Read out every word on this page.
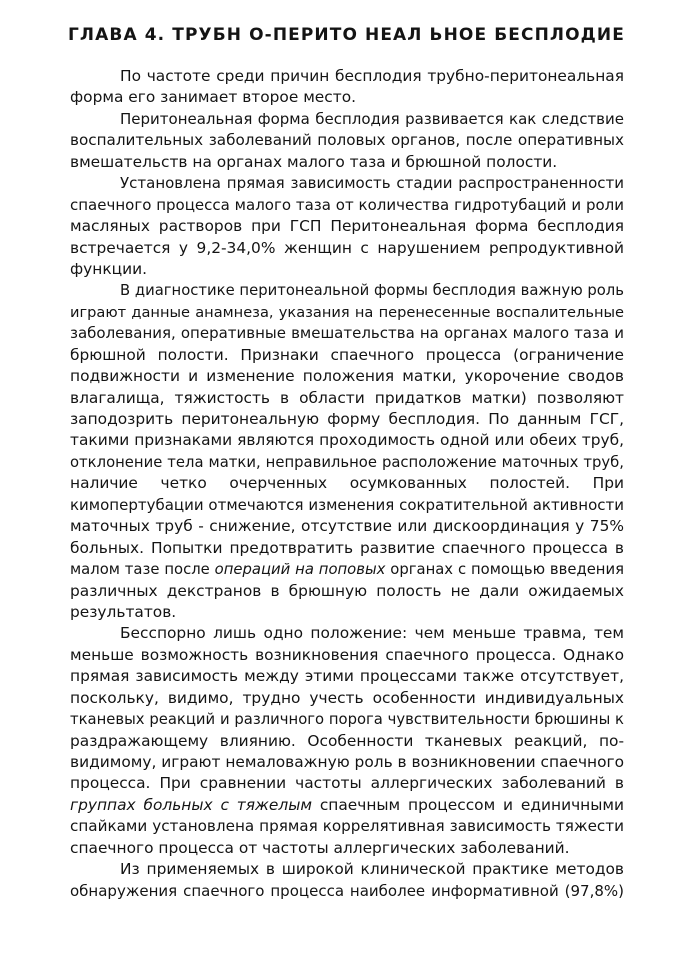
ГЛАВА 4. ТРУБН О-ПЕРИТО НЕАЛ ЬНОЕ БЕСПЛОДИЕ
По частоте среди причин бесплодия трубно-перитонеальная
форма его занимает второе место.
Перитонеальная форма бесплодия развивается как следствие
воспалительных заболеваний половых органов, после оперативных
вмешательств на органах малого таза и брюшной полости.
Установлена прямая зависимость стадии распространенности
спаечного процесса малого таза от количества гидротубаций и роли
масляных растворов при ГСП Перитонеальная форма бесплодия
встречается у 9,2-34,0% женщин с нарушением репродуктивной
функции.
В диагностике перитонеальной формы бесплодия важную роль
играют данные анамнеза, указания на перенесенные воспалительные
заболевания, оперативные вмешательства на органах малого таза и
брюшной полости. Признаки спаечного процесса (ограничение
подвижности и изменение положения матки, укорочение сводов
влагалища, тяжистость в области придатков матки) позволяют
заподозрить перитонеальную форму бесплодия. По данным ГСГ,
такими признаками являются проходимость одной или обеих труб,
отклонение тела матки, неправильное расположение маточных труб,
наличие четко очерченных осумкованных полостей. При
кимопертубации отмечаются изменения сократительной активности
маточных труб - снижение, отсутствие или дискоординация у 75%
больных. Попытки предотвратить развитие спаечного процесса в
малом тазе после операций на поповых органах с помощью введения
различных декстранов в брюшную полость не дали ожидаемых
результатов.
Бесспорно лишь одно положение: чем меньше травма, тем
меньше возможность возникновения спаечного процесса. Однако
прямая зависимость между этими процессами также отсутствует,
поскольку, видимо, трудно учесть особенности индивидуальных
тканевых реакций и различного порога чувствительности брюшины к
раздражающему влиянию. Особенности тканевых реакций, по-
видимому, играют немаловажную роль в возникновении спаечного
процесса. При сравнении частоты аллергических заболеваний в
группах больных с тяжелым спаечным процессом и единичными
спайками установлена прямая коррелятивная зависимость тяжести
спаечного процесса от частоты аллергических заболеваний.
Из применяемых в широкой клинической практике методов
обнаружения спаечного процесса наиболее информативной (97,8%)
